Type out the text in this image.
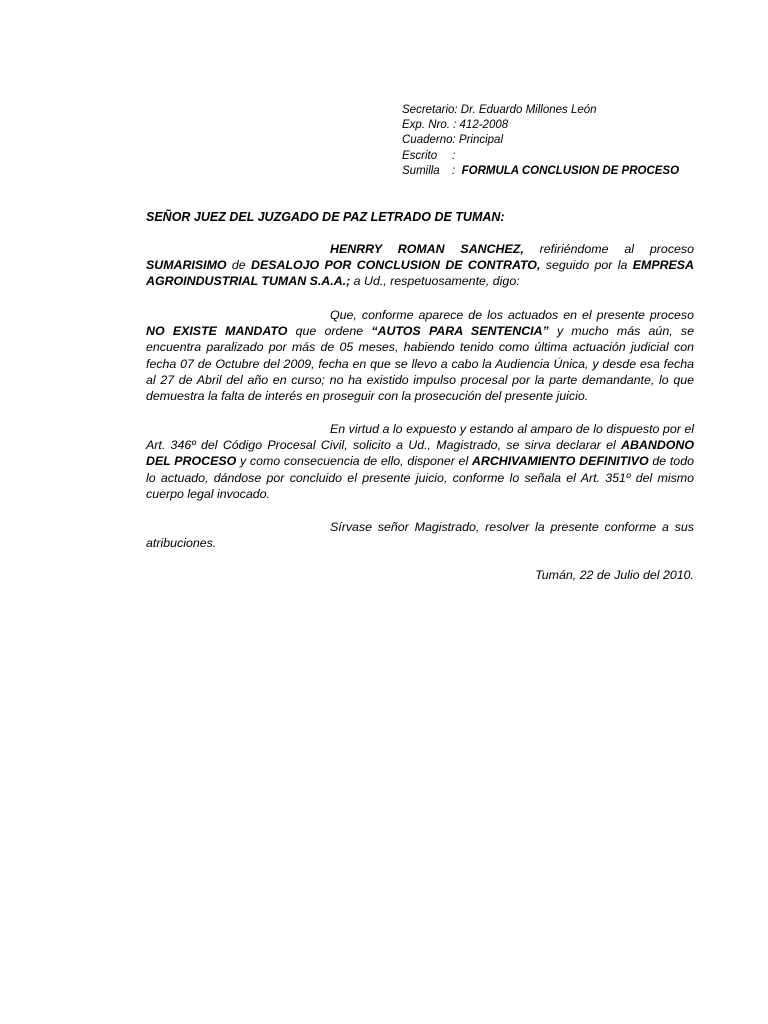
Secretario: Dr. Eduardo Millones León
Exp. Nro. : 412-2008
Cuaderno: Principal
Escrito :
Sumilla : FORMULA CONCLUSION DE PROCESO
SEÑOR JUEZ DEL JUZGADO DE PAZ LETRADO DE TUMAN:

HENRRY ROMAN SANCHEZ, refiriéndome al proceso SUMARISIMO de DESALOJO POR CONCLUSION DE CONTRATO, seguido por la EMPRESA AGROINDUSTRIAL TUMAN S.A.A.; a Ud., respetuosamente, digo:

Que, conforme aparece de los actuados en el presente proceso NO EXISTE MANDATO que ordene “AUTOS PARA SENTENCIA” y mucho más aún, se encuentra paralizado por más de 05 meses, habiendo tenido como última actuación judicial con fecha 07 de Octubre del 2009, fecha en que se llevo a cabo la Audiencia Única, y desde esa fecha al 27 de Abril del año en curso; no ha existido impulso procesal por la parte demandante, lo que demuestra la falta de interés en proseguir con la prosecución del presente juicio.

En virtud a lo expuesto y estando al amparo de lo dispuesto por el Art. 346º del Código Procesal Civil, solicito a Ud., Magistrado, se sirva declarar el ABANDONO DEL PROCESO y como consecuencia de ello, disponer el ARCHIVAMIENTO DEFINITIVO de todo lo actuado, dándose por concluido el presente juicio, conforme lo señala el Art. 351º del mismo cuerpo legal invocado.

Sírvase señor Magistrado, resolver la presente conforme a sus atribuciones.

Tumán, 22 de Julio del 2010.
